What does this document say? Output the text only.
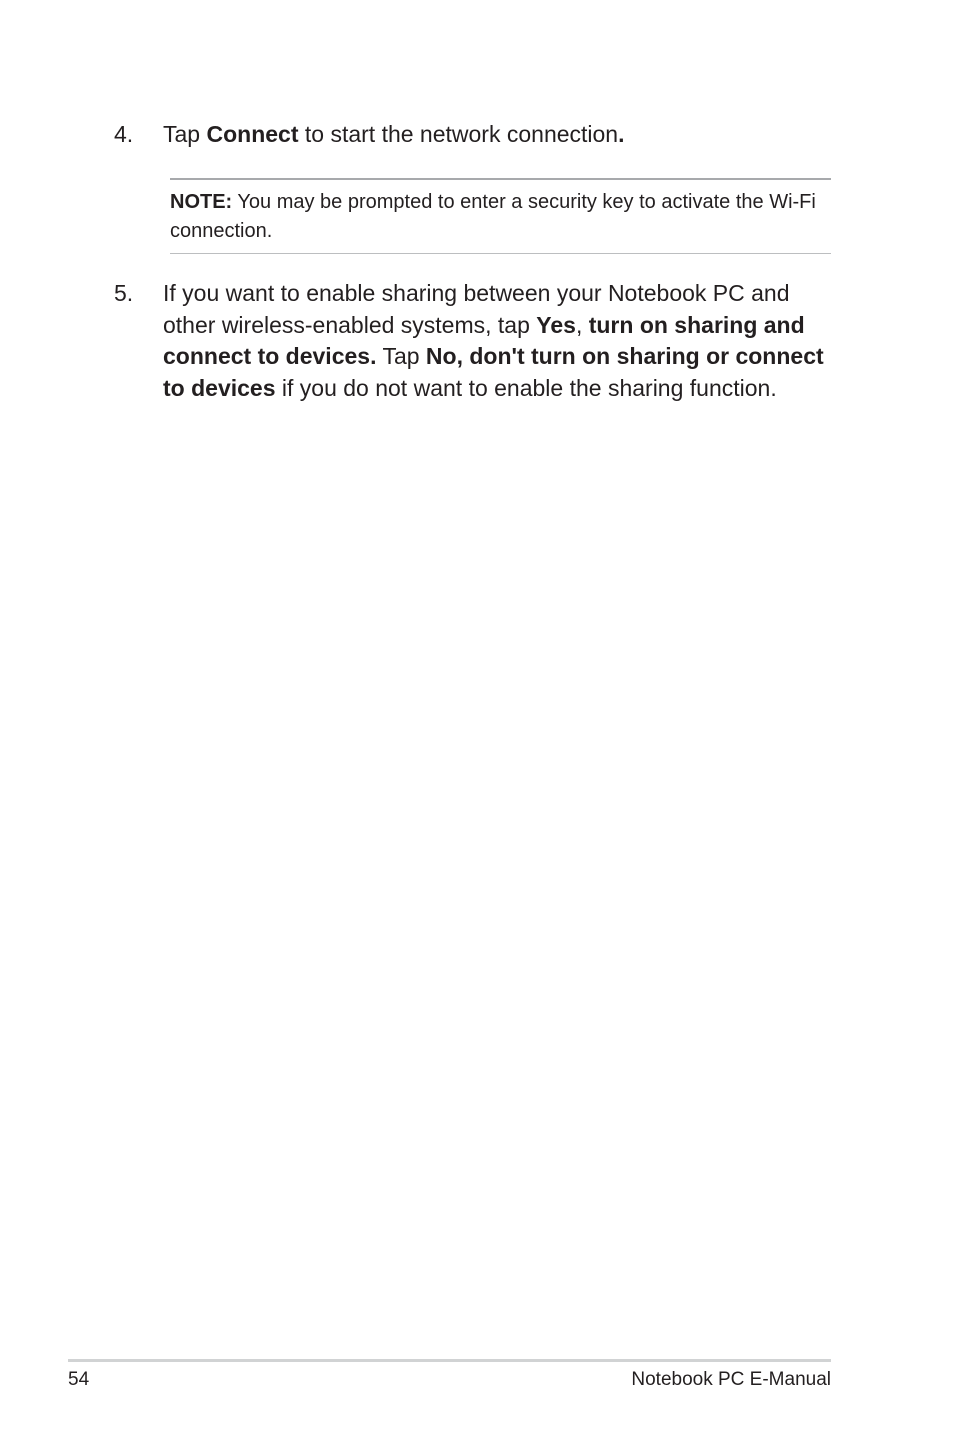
4.	Tap Connect to start the network connection.
NOTE: You may be prompted to enter a security key to activate the Wi-Fi connection.
5.	If you want to enable sharing between your Notebook PC and other wireless-enabled systems, tap Yes, turn on sharing and connect to devices. Tap No, don't turn on sharing or connect to devices if you do not want to enable the sharing function.
54	Notebook PC E-Manual
